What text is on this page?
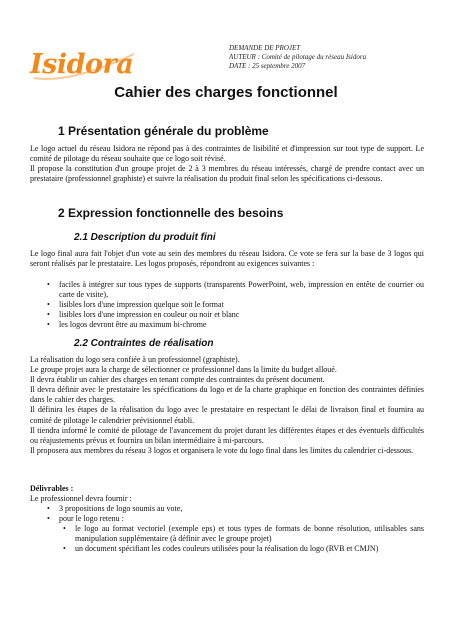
Isidora
DEMANDE DE PROJET
AUTEUR : Comité de pilotage du réseau Isidora
DATE : 25 septembre 2007
Cahier des charges fonctionnel
1 Présentation générale du problème

Le logo actuel du réseau Isidora ne répond pas à des contraintes de lisibilité et d'impression sur tout type de support. Le comité de pilotage du réseau souhaite que ce logo soit révisé.

Il propose la constitution d'un groupe projet de 2 à 3 membres du réseau intéressés, chargé de prendre contact avec un prestataire (professionnel graphiste) et suivre la réalisation du produit final selon les spécifications ci-dessous.

2 Expression fonctionnelle des besoins
2.1 Description du produit fini

Le logo final aura fait l'objet d'un vote au sein des membres du réseau Isidora. Ce vote se fera sur la base de 3 logos qui seront réalisés par le prestataire. Les logos proposés, répondront au exigences suivantes :

• faciles à intégrer sur tous types de supports (transparents PowerPoint, web, impression en entête de courrier ou carte de visite),
• lisibles lors d'une impression quelque soit le format
• lisibles lors d'une impression en couleur ou noir et blanc
• les logos devront être au maximum bi-chrome
2.2 Contraintes de réalisation

La réalisation du logo sera confiée à un professionnel (graphiste).

Le groupe projet aura la charge de sélectionner ce professionnel dans la limite du budget alloué.

Il devra établir un cahier des charges en tenant compte des contraintes du présent document.

Il devra définir avec le prestataire les spécifications du logo et de la charte graphique en fonction des contraintes définies dans le cahier des charges.

Il définira les étapes de la réalisation du logo avec le prestataire en respectant le délai de livraison final et fournira au comité de pilotage le calendrier prévisionnel établi.

Il tiendra informé le comité de pilotage de l'avancement du projet durant les différentes étapes et des éventuels difficultés ou réajustements prévus et fournira un bilan intermédiaire à mi-parcours.

Il proposera aux membres du réseau 3 logos et organisera le vote du logo final dans les limites du calendrier ci-dessous.

Délivrables :

Le professionnel devra fournir :

• 3 propositions de logo soumis au vote,
• pour le logo retenu :
• le logo au format vectoriel (exemple eps) et tous types de formats de bonne résolution, utilisables sans manipulation supplémentaire (à définir avec le groupe projet)
• un document spécifiant les codes couleurs utilisées pour la réalisation du logo (RVB et CMJN)
